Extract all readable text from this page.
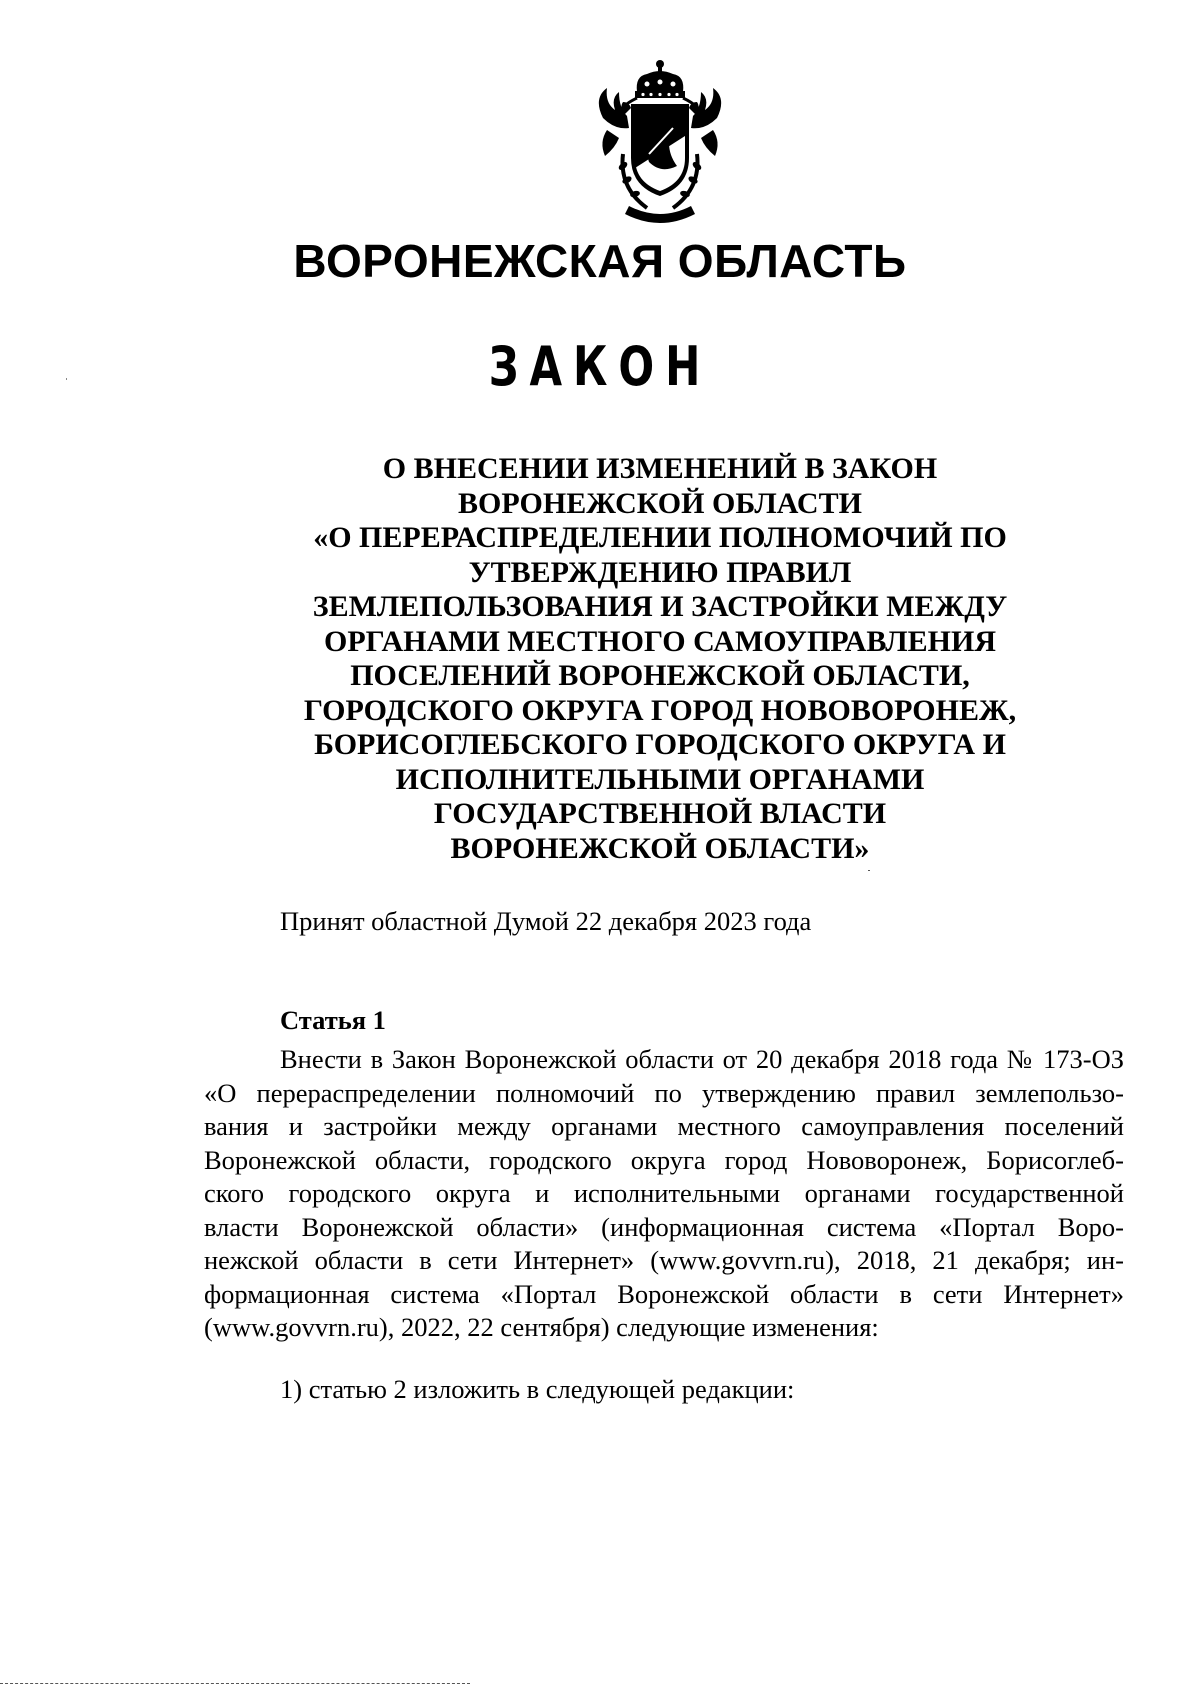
ВОРОНЕЖСКАЯ ОБЛАСТЬ
ЗАКОН
О ВНЕСЕНИИ ИЗМЕНЕНИЙ В ЗАКОН
ВОРОНЕЖСКОЙ ОБЛАСТИ
«О ПЕРЕРАСПРЕДЕЛЕНИИ ПОЛНОМОЧИЙ ПО
УТВЕРЖДЕНИЮ ПРАВИЛ
ЗЕМЛЕПОЛЬЗОВАНИЯ И ЗАСТРОЙКИ МЕЖДУ
ОРГАНАМИ МЕСТНОГО САМОУПРАВЛЕНИЯ
ПОСЕЛЕНИЙ ВОРОНЕЖСКОЙ ОБЛАСТИ,
ГОРОДСКОГО ОКРУГА ГОРОД НОВОВОРОНЕЖ,
БОРИСОГЛЕБСКОГО ГОРОДСКОГО ОКРУГА И
ИСПОЛНИТЕЛЬНЫМИ ОРГАНАМИ
ГОСУДАРСТВЕННОЙ ВЛАСТИ
ВОРОНЕЖСКОЙ ОБЛАСТИ»
Принят областной Думой 22 декабря 2023 года
Статья 1
Внести в Закон Воронежской области от 20 декабря 2018 года № 173-ОЗ
«О перераспределении полномочий по утверждению правил землепользо-
вания и застройки между органами местного самоуправления поселений
Воронежской области, городского округа город Нововоронеж, Борисоглеб-
ского городского округа и исполнительными органами государственной
власти Воронежской области» (информационная система «Портал Воро-
нежской области в сети Интернет» (www.govvrn.ru), 2018, 21 декабря; ин-
формационная система «Портал Воронежской области в сети Интернет»
(www.govvrn.ru), 2022, 22 сентября) следующие изменения:
1) статью 2 изложить в следующей редакции:
